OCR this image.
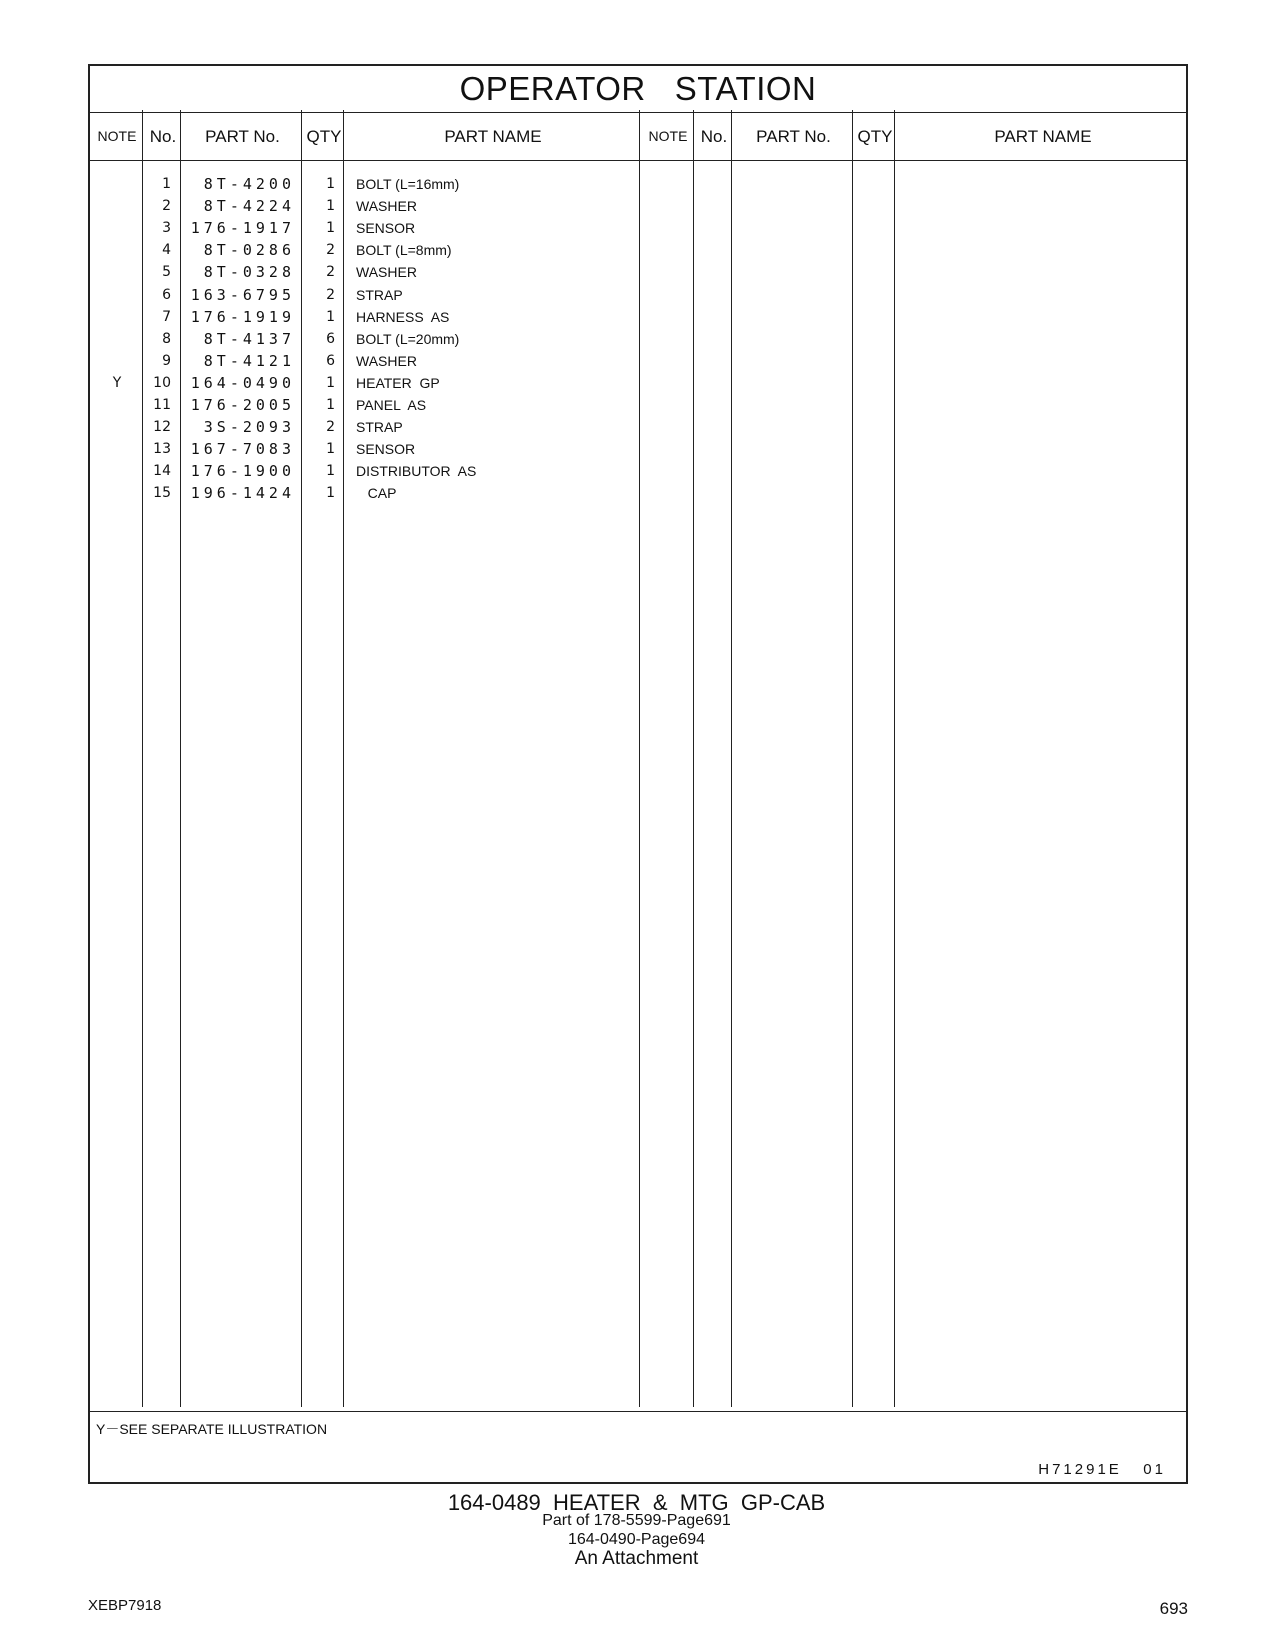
OPERATOR   STATION
NOTE No.	PART No.	QTY	PART NAME	NOTE No.	PART No.	QTY	PART NAME
1	8T-4200	1 BOLT (L=16mm)
2	8T-4224	1 WASHER
3	176-1917	1 SENSOR
4	8T-0286	2 BOLT (L=8mm)
5	8T-0328	2 WASHER
6	163-6795	2 STRAP
7	176-1919	1 HARNESS  AS
8	8T-4137	6 BOLT (L=20mm)
9	8T-4121	6 WASHER
Y	10	164-0490	1 HEATER  GP
11	176-2005	1 PANEL  AS
12	3S-2093	2 STRAP
13	167-7083	1 SENSOR
14	176-1900	1 DISTRIBUTOR  AS
15	196-1424	1 CAP
Y－SEE SEPARATE ILLUSTRATION
H71291E   01
164-0489  HEATER  &  MTG  GP-CAB
Part of 178-5599-Page691
164-0490-Page694
An Attachment
XEBP7918	693
